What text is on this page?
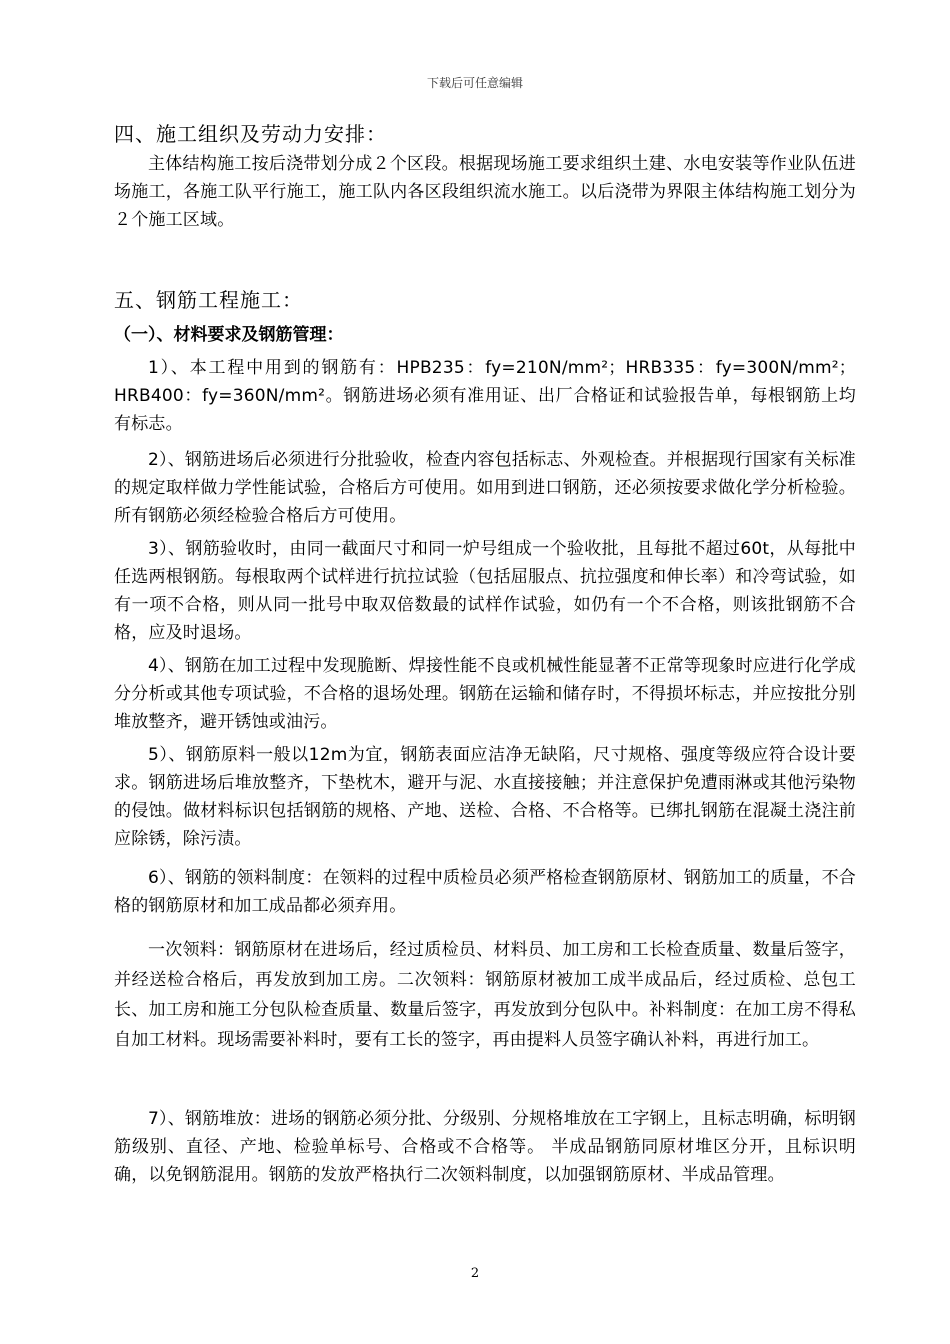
下载后可任意编辑
四、施工组织及劳动力安排：

主体结构施工按后浇带划分成２个区段。根据现场施工要求组织土建、水电安装等作业队伍进场施工，各施工队平行施工，施工队内各区段组织流水施工。以后浇带为界限主体结构施工划分为２个施工区域。

五、钢筋工程施工：
（一）、材料要求及钢筋管理：

1）、本工程中用到的钢筋有：HPB235：fy=210N/mm²；HRB335：fy=300N/mm²；HRB400：fy=360N/mm²。钢筋进场必须有准用证、出厂合格证和试验报告单，每根钢筋上均有标志。

2）、钢筋进场后必须进行分批验收，检查内容包括标志、外观检查。并根据现行国家有关标准的规定取样做力学性能试验，合格后方可使用。如用到进口钢筋，还必须按要求做化学分析检验。所有钢筋必须经检验合格后方可使用。

3）、钢筋验收时，由同一截面尺寸和同一炉号组成一个验收批，且每批不超过60t，从每批中任选两根钢筋。每根取两个试样进行抗拉试验（包括屈服点、抗拉强度和伸长率）和冷弯试验，如有一项不合格，则从同一批号中取双倍数最的试样作试验，如仍有一个不合格，则该批钢筋不合格，应及时退场。

4）、钢筋在加工过程中发现脆断、焊接性能不良或机械性能显著不正常等现象时应进行化学成分分析或其他专项试验，不合格的退场处理。钢筋在运输和储存时，不得损坏标志，并应按批分别堆放整齐，避开锈蚀或油污。

5）、钢筋原料一般以12m为宜，钢筋表面应洁净无缺陷，尺寸规格、强度等级应符合设计要求。钢筋进场后堆放整齐，下垫枕木，避开与泥、水直接接触；并注意保护免遭雨淋或其他污染物的侵蚀。做材料标识包括钢筋的规格、产地、送检、合格、不合格等。已绑扎钢筋在混凝土浇注前应除锈，除污渍。

6）、钢筋的领料制度：在领料的过程中质检员必须严格检查钢筋原材、钢筋加工的质量，不合格的钢筋原材和加工成品都必须弃用。

一次领料：钢筋原材在进场后，经过质检员、材料员、加工房和工长检查质量、数量后签字，并经送检合格后，再发放到加工房。二次领料：钢筋原材被加工成半成品后，经过质检、总包工长、加工房和施工分包队检查质量、数量后签字，再发放到分包队中。补料制度：在加工房不得私自加工材料。现场需要补料时，要有工长的签字，再由提料人员签字确认补料，再进行加工。

7）、钢筋堆放：进场的钢筋必须分批、分级别、分规格堆放在工字钢上，且标志明确，标明钢筋级别、直径、产地、检验单标号、合格或不合格等。 半成品钢筋同原材堆区分开，且标识明确，以免钢筋混用。钢筋的发放严格执行二次领料制度，以加强钢筋原材、半成品管理。

2
